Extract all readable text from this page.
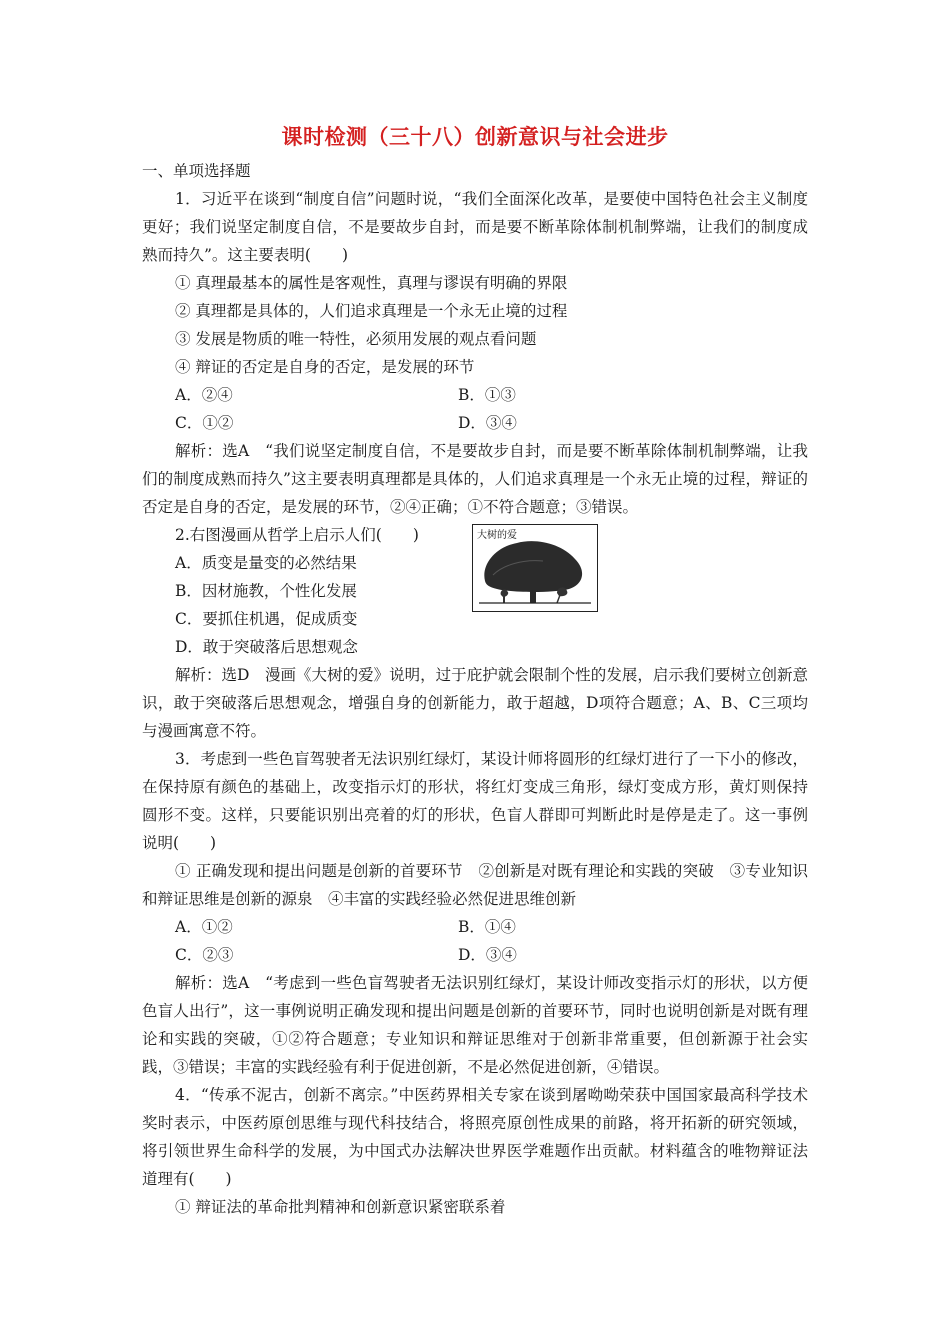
课时检测（三十八）创新意识与社会进步

一、单项选择题

1．习近平在谈到“制度自信”问题时说，“我们全面深化改革，是要使中国特色社会主义制度更好；我们说坚定制度自信，不是要故步自封，而是要不断革除体制机制弊端，让我们的制度成熟而持久”。这主要表明(　　)

① 真理最基本的属性是客观性，真理与谬误有明确的界限

② 真理都是具体的，人们追求真理是一个永无止境的过程

③ 发展是物质的唯一特性，必须用发展的观点看问题

④ 辩证的否定是自身的否定，是发展的环节

A．②④	B．①③
C．①②	D．③④

解析：选A　“我们说坚定制度自信，不是要故步自封，而是要不断革除体制机制弊端，让我们的制度成熟而持久”这主要表明真理都是具体的，人们追求真理是一个永无止境的过程，辩证的否定是自身的否定，是发展的环节，②④正确；①不符合题意；③错误。

2.右图漫画从哲学上启示人们(　　)

A．质变是量变的必然结果

B．因材施教，个性化发展

C．要抓住机遇，促成质变

D．敢于突破落后思想观念

大树的爱

解析：选D　漫画《大树的爱》说明，过于庇护就会限制个性的发展，启示我们要树立创新意识，敢于突破落后思想观念，增强自身的创新能力，敢于超越，D项符合题意；A、B、C三项均与漫画寓意不符。

3．考虑到一些色盲驾驶者无法识别红绿灯，某设计师将圆形的红绿灯进行了一下小的修改，在保持原有颜色的基础上，改变指示灯的形状，将红灯变成三角形，绿灯变成方形，黄灯则保持圆形不变。这样，只要能识别出亮着的灯的形状，色盲人群即可判断此时是停是走了。这一事例说明(　　)

① 正确发现和提出问题是创新的首要环节　②创新是对既有理论和实践的突破　③专业知识和辩证思维是创新的源泉　④丰富的实践经验必然促进思维创新

A．①②	B．①④
C．②③	D．③④

解析：选A　“考虑到一些色盲驾驶者无法识别红绿灯，某设计师改变指示灯的形状，以方便色盲人出行”，这一事例说明正确发现和提出问题是创新的首要环节，同时也说明创新是对既有理论和实践的突破，①②符合题意；专业知识和辩证思维对于创新非常重要，但创新源于社会实践，③错误；丰富的实践经验有利于促进创新，不是必然促进创新，④错误。

4．“传承不泥古，创新不离宗。”中医药界相关专家在谈到屠呦呦荣获中国国家最高科学技术奖时表示，中医药原创思维与现代科技结合，将照亮原创性成果的前路，将开拓新的研究领域，将引领世界生命科学的发展，为中国式办法解决世界医学难题作出贡献。材料蕴含的唯物辩证法道理有(　　)

① 辩证法的革命批判精神和创新意识紧密联系着
